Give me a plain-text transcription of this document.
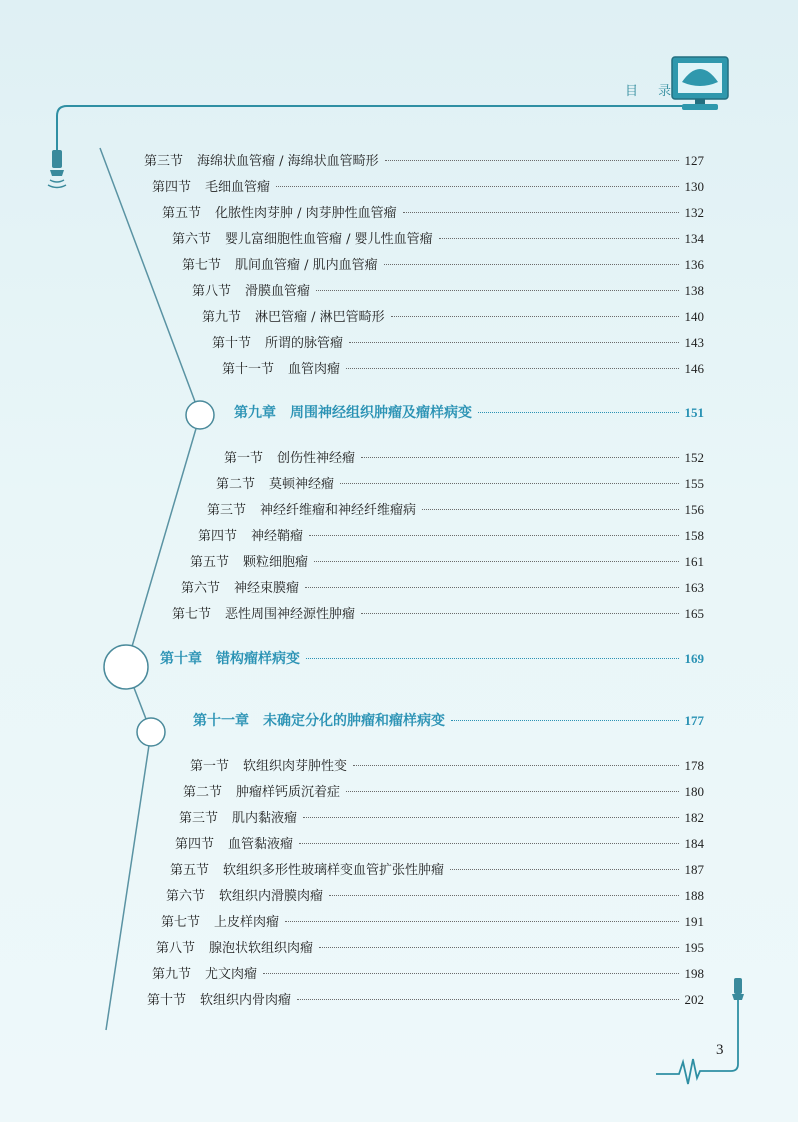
目 录
第三节 海绵状血管瘤 / 海绵状血管畸形	127
第四节 毛细血管瘤	130
第五节 化脓性肉芽肿 / 肉芽肿性血管瘤	132
第六节 婴儿富细胞性血管瘤 / 婴儿性血管瘤	134
第七节 肌间血管瘤 / 肌内血管瘤	136
第八节 滑膜血管瘤	138
第九节 淋巴管瘤 / 淋巴管畸形	140
第十节 所谓的脉管瘤	143
第十一节 血管肉瘤	146
第九章 周围神经组织肿瘤及瘤样病变	151
第一节 创伤性神经瘤	152
第二节 莫顿神经瘤	155
第三节 神经纤维瘤和神经纤维瘤病	156
第四节 神经鞘瘤	158
第五节 颗粒细胞瘤	161
第六节 神经束膜瘤	163
第七节 恶性周围神经源性肿瘤	165
第十章 错构瘤样病变	169
第十一章 未确定分化的肿瘤和瘤样病变	177
第一节 软组织肉芽肿性变	178
第二节 肿瘤样钙质沉着症	180
第三节 肌内黏液瘤	182
第四节 血管黏液瘤	184
第五节 软组织多形性玻璃样变血管扩张性肿瘤	187
第六节 软组织内滑膜肉瘤	188
第七节 上皮样肉瘤	191
第八节 腺泡状软组织肉瘤	195
第九节 尤文肉瘤	198
第十节 软组织内骨肉瘤	202
3
